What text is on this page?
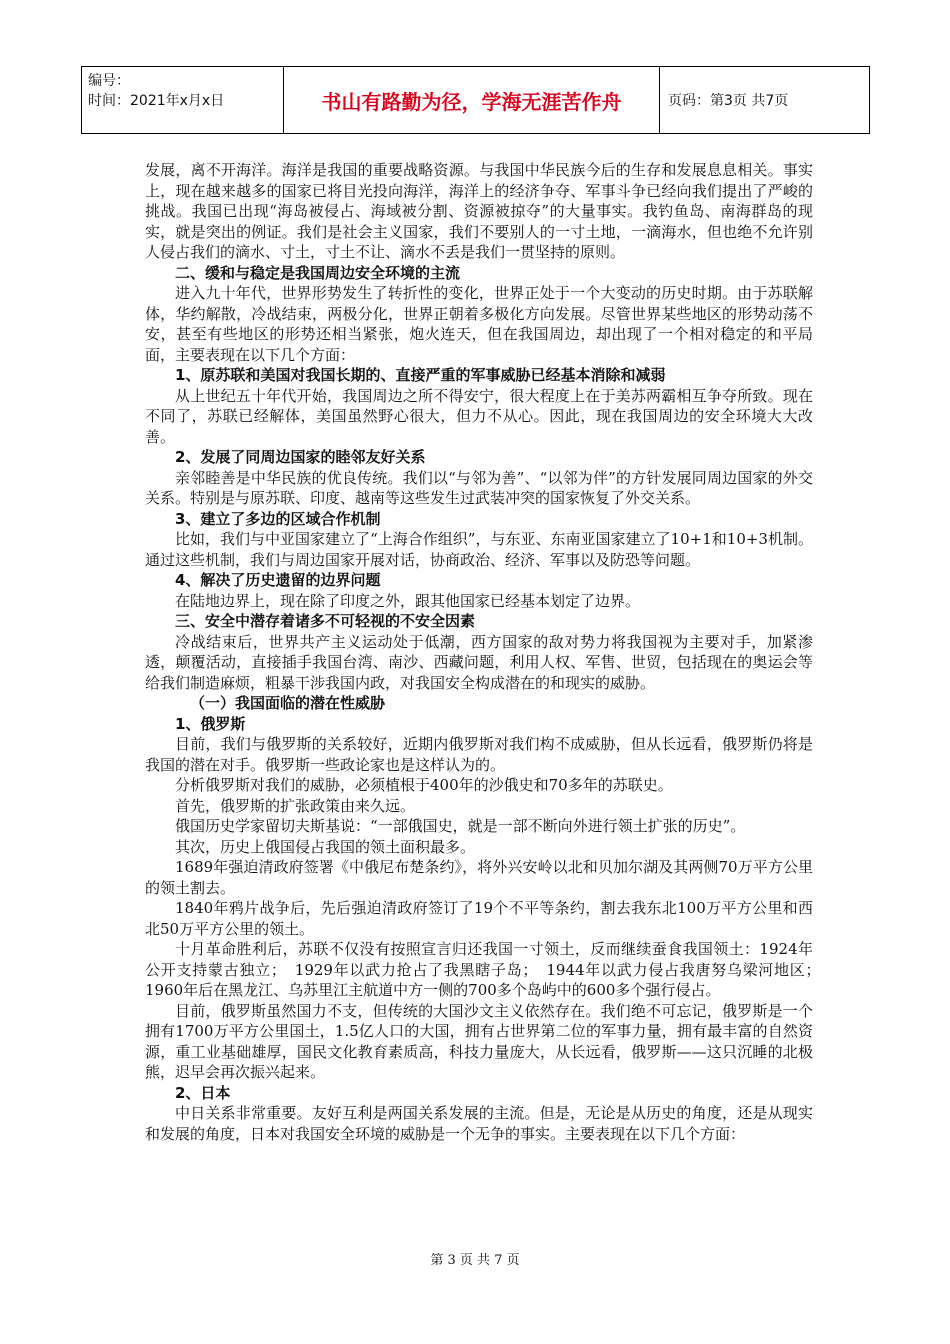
编号：
时间：2021年x月x日	书山有路勤为径，学海无涯苦作舟	页码：第3页 共7页

发展，离不开海洋。海洋是我国的重要战略资源。与我国中华民族今后的生存和发展息息相关。事实上，现在越来越多的国家已将目光投向海洋，海洋上的经济争夺、军事斗争已经向我们提出了严峻的挑战。我国已出现“海岛被侵占、海域被分割、资源被掠夺”的大量事实。我钓鱼岛、南海群岛的现实，就是突出的例证。我们是社会主义国家，我们不要别人的一寸土地，一滴海水，但也绝不允许别人侵占我们的滴水、寸土，寸土不让、滴水不丢是我们一贯坚持的原则。

二、缓和与稳定是我国周边安全环境的主流

进入九十年代，世界形势发生了转折性的变化，世界正处于一个大变动的历史时期。由于苏联解体，华约解散，冷战结束，两极分化，世界正朝着多极化方向发展。尽管世界某些地区的形势动荡不安，甚至有些地区的形势还相当紧张，炮火连天，但在我国周边，却出现了一个相对稳定的和平局面，主要表现在以下几个方面：

1、原苏联和美国对我国长期的、直接严重的军事威胁已经基本消除和减弱

从上世纪五十年代开始，我国周边之所不得安宁，很大程度上在于美苏两霸相互争夺所致。现在不同了，苏联已经解体，美国虽然野心很大，但力不从心。因此，现在我国周边的安全环境大大改善。

2、发展了同周边国家的睦邻友好关系

亲邻睦善是中华民族的优良传统。我们以“与邻为善”、“以邻为伴”的方针发展同周边国家的外交关系。特别是与原苏联、印度、越南等这些发生过武装冲突的国家恢复了外交关系。

3、建立了多边的区域合作机制

比如，我们与中亚国家建立了“上海合作组织”，与东亚、东南亚国家建立了10+1和10+3机制。通过这些机制，我们与周边国家开展对话，协商政治、经济、军事以及防恐等问题。

4、解决了历史遗留的边界问题

在陆地边界上，现在除了印度之外，跟其他国家已经基本划定了边界。

三、安全中潜存着诸多不可轻视的不安全因素

冷战结束后，世界共产主义运动处于低潮，西方国家的敌对势力将我国视为主要对手，加紧渗透，颠覆活动，直接插手我国台湾、南沙、西藏问题，利用人权、军售、世贸，包括现在的奥运会等给我们制造麻烦，粗暴干涉我国内政，对我国安全构成潜在的和现实的威胁。

（一）我国面临的潜在性威胁

1、俄罗斯

目前，我们与俄罗斯的关系较好，近期内俄罗斯对我们构不成威胁，但从长远看，俄罗斯仍将是我国的潜在对手。俄罗斯一些政论家也是这样认为的。

分析俄罗斯对我们的威胁，必须植根于400年的沙俄史和70多年的苏联史。

首先，俄罗斯的扩张政策由来久远。

俄国历史学家留切夫斯基说：“一部俄国史，就是一部不断向外进行领土扩张的历史”。

其次，历史上俄国侵占我国的领土面积最多。

1689年强迫清政府签署《中俄尼布楚条约》，将外兴安岭以北和贝加尔湖及其两侧70万平方公里的领土割去。

1840年鸦片战争后，先后强迫清政府签订了19个不平等条约，割去我东北100万平方公里和西北50万平方公里的领土。

十月革命胜利后，苏联不仅没有按照宣言归还我国一寸领土，反而继续蚕食我国领土：1924年公开支持蒙古独立；　1929年以武力抢占了我黑瞎子岛；　1944年以武力侵占我唐努乌梁河地区；　1960年后在黑龙江、乌苏里江主航道中方一侧的700多个岛屿中的600多个强行侵占。

目前，俄罗斯虽然国力不支，但传统的大国沙文主义依然存在。我们绝不可忘记，俄罗斯是一个拥有1700万平方公里国土，1.5亿人口的大国，拥有占世界第二位的军事力量，拥有最丰富的自然资源，重工业基础雄厚，国民文化教育素质高，科技力量庞大，从长远看，俄罗斯——这只沉睡的北极熊，迟早会再次振兴起来。

2、日本

中日关系非常重要。友好互利是两国关系发展的主流。但是，无论是从历史的角度，还是从现实和发展的角度，日本对我国安全环境的威胁是一个无争的事实。主要表现在以下几个方面：

第 3 页 共 7 页
